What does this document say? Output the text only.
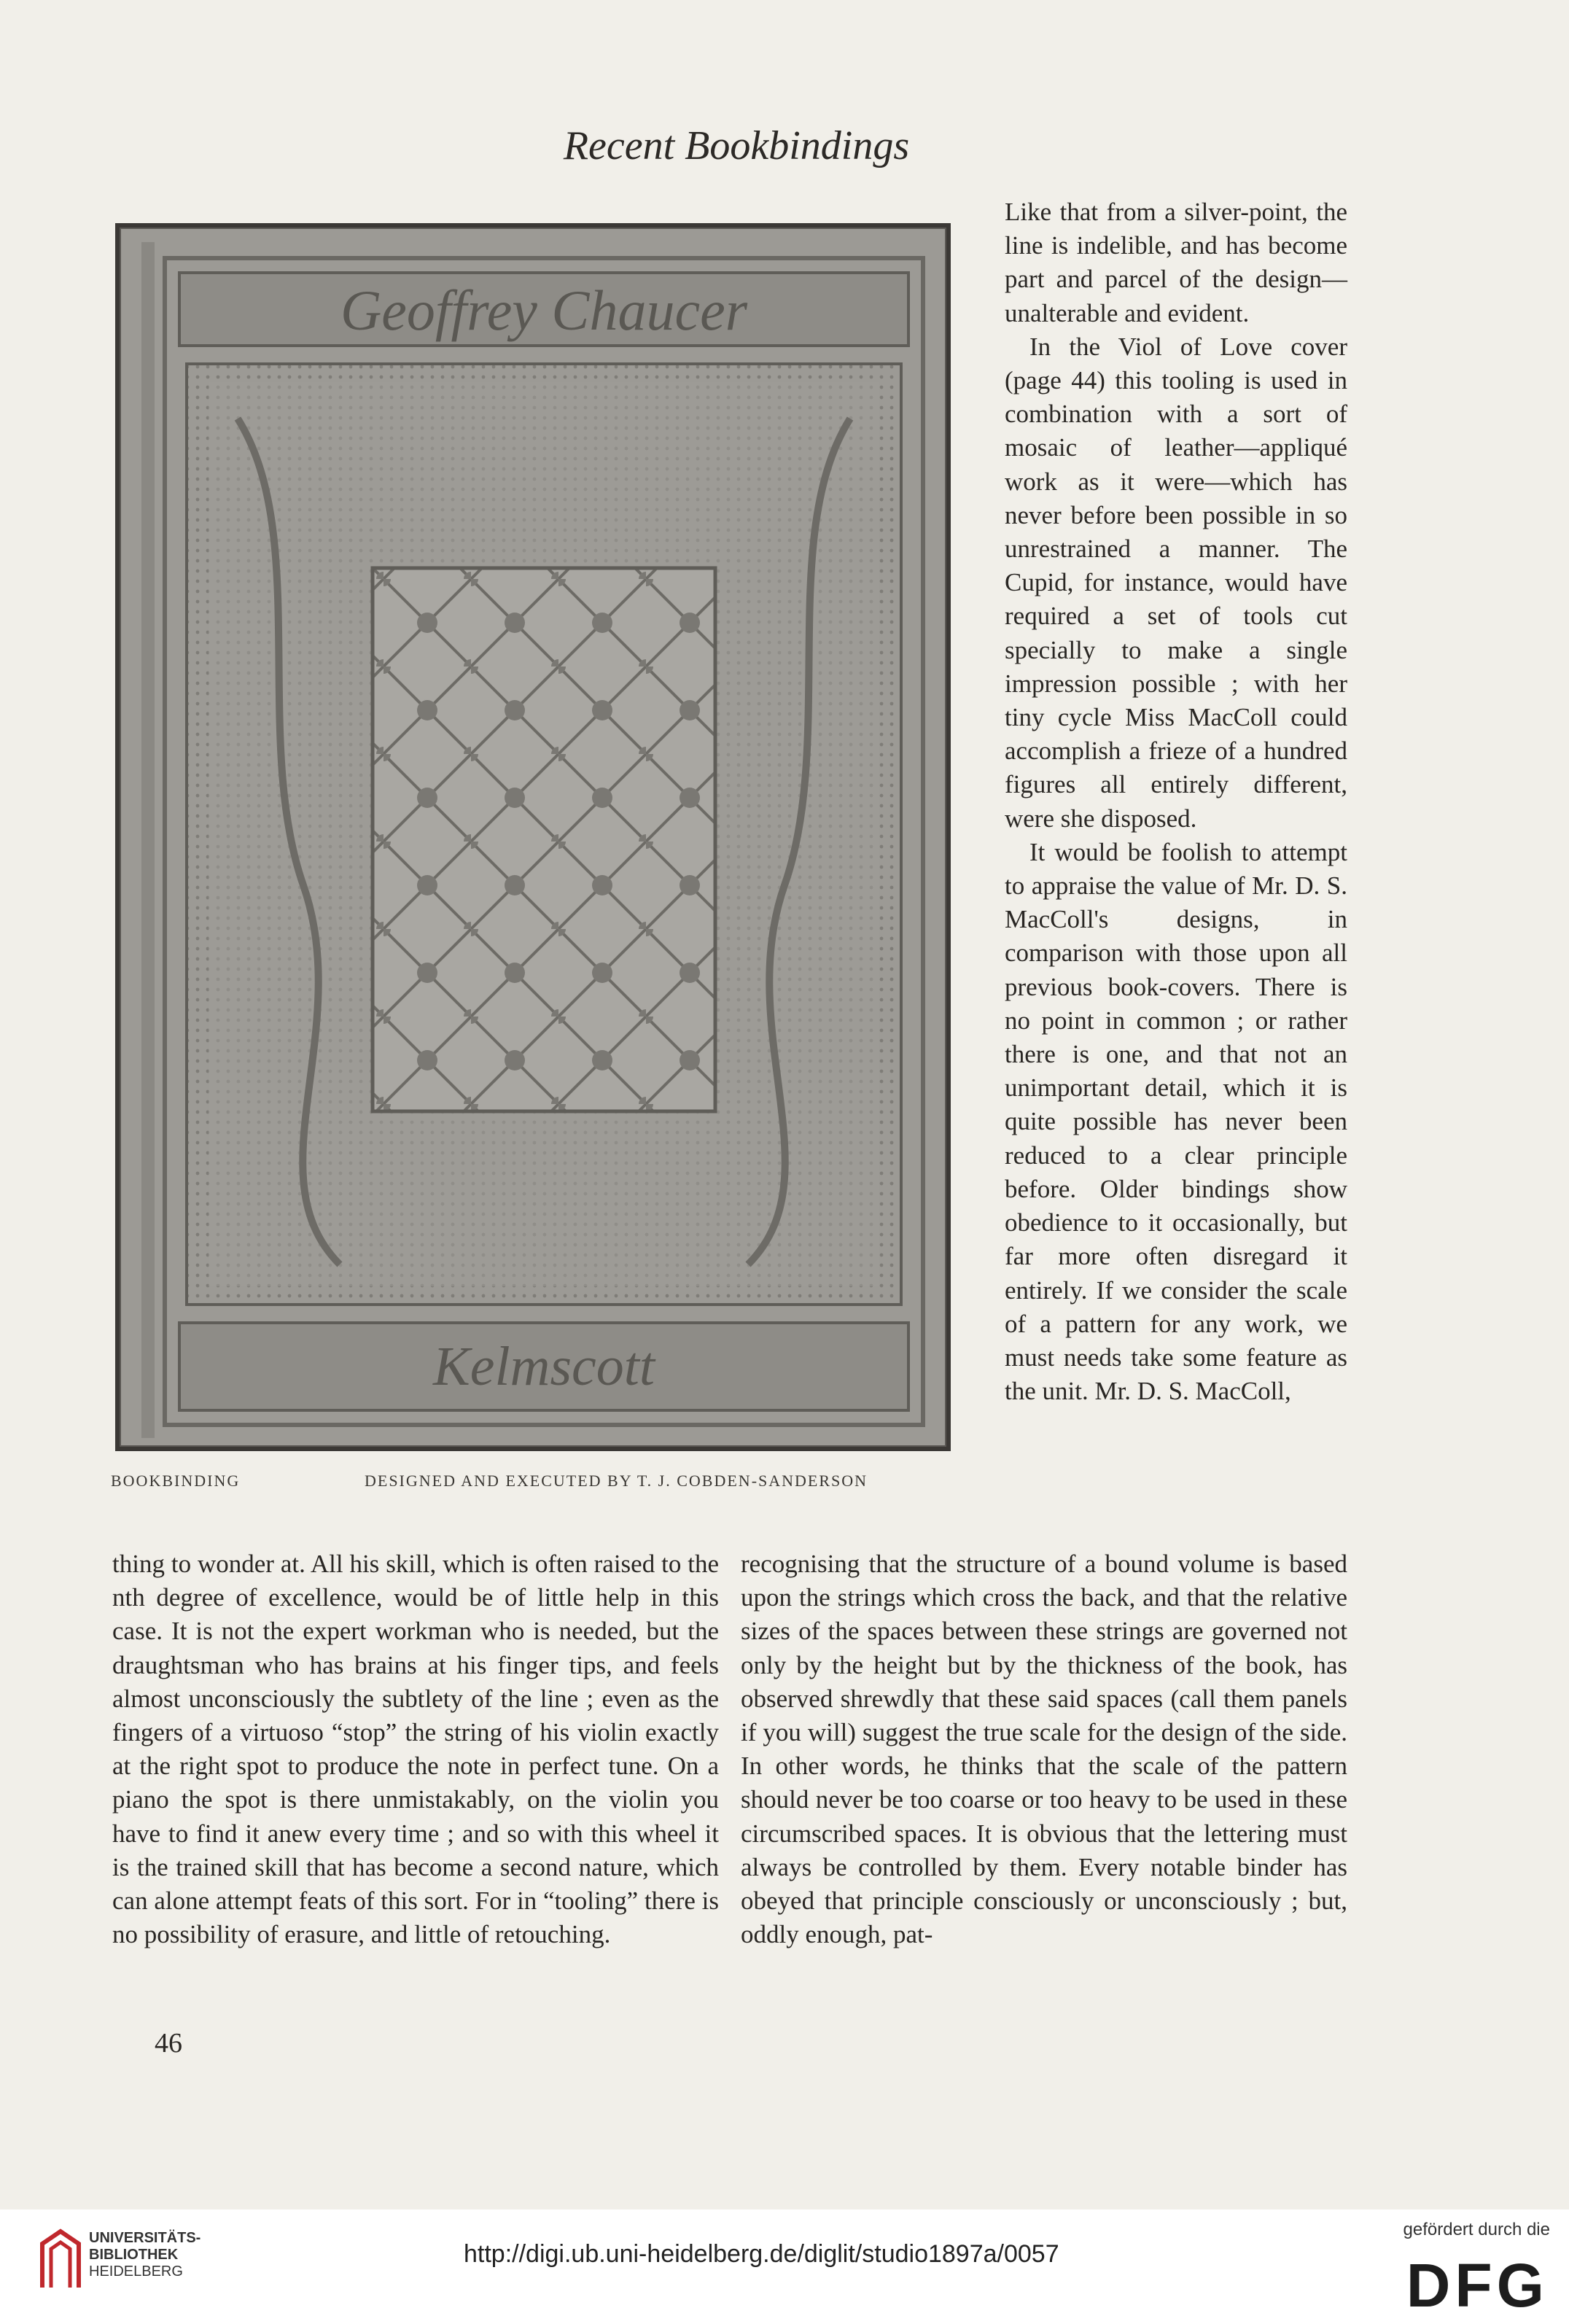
Recent Bookbindings
Geoffrey Chaucer
Kelmscott
BOOKBINDING	DESIGNED AND EXECUTED BY T. J. COBDEN-SANDERSON

Like that from a silver-point, the line is indelible, and has become part and parcel of the design—unalterable and evident.

In the Viol of Love cover (page 44) this tooling is used in combination with a sort of mosaic of leather—appliqué work as it were—which has never before been possible in so unrestrained a manner. The Cupid, for instance, would have required a set of tools cut specially to make a single impression possible ; with her tiny cycle Miss MacColl could accomplish a frieze of a hundred figures all entirely different, were she disposed.

It would be foolish to attempt to appraise the value of Mr. D. S. MacColl's designs, in comparison with those upon all previous book-covers. There is no point in common ; or rather there is one, and that not an unimportant detail, which it is quite possible has never been reduced to a clear principle before. Older bindings show obedience to it occasionally, but far more often disregard it entirely. If we consider the scale of a pattern for any work, we must needs take some feature as the unit. Mr. D. S. MacColl,

thing to wonder at. All his skill, which is often raised to the nth degree of excellence, would be of little help in this case. It is not the expert workman who is needed, but the draughtsman who has brains at his finger tips, and feels almost unconsciously the subtlety of the line ; even as the fingers of a virtuoso “stop” the string of his violin exactly at the right spot to produce the note in perfect tune. On a piano the spot is there unmistakably, on the violin you have to find it anew every time ; and so with this wheel it is the trained skill that has become a second nature, which can alone attempt feats of this sort. For in “tooling” there is no possibility of erasure, and little of retouching.

recognising that the structure of a bound volume is based upon the strings which cross the back, and that the relative sizes of the spaces between these strings are governed not only by the height but by the thickness of the book, has observed shrewdly that these said spaces (call them panels if you will) suggest the true scale for the design of the side. In other words, he thinks that the scale of the pattern should never be too coarse or too heavy to be used in these circumscribed spaces. It is obvious that the lettering must always be controlled by them. Every notable binder has obeyed that principle consciously or unconsciously ; but, oddly enough, pat-

46
UNIVERSITÄTS-
BIBLIOTHEK
HEIDELBERG
http://digi.ub.uni-heidelberg.de/diglit/studio1897a/0057
gefördert durch die
DFG
